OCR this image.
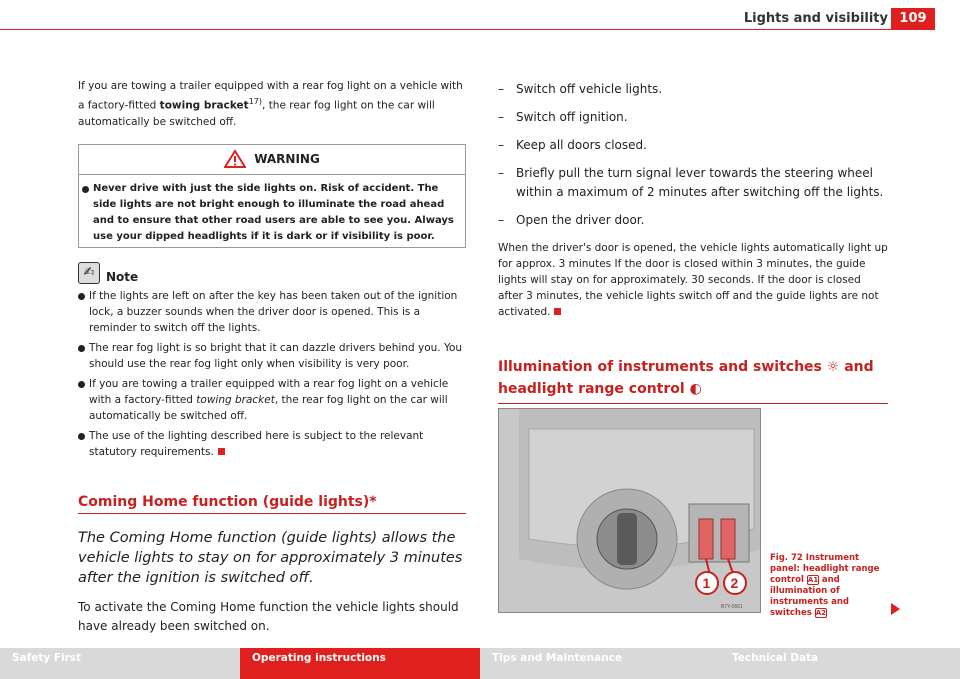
Lights and visibility 109

If you are towing a trailer equipped with a rear fog light on a vehicle with a factory-fitted towing bracket$^{17)}$, the rear fog light on the car will automatically be switched off.

WARNING
Never drive with just the side lights on. Risk of accident. The side lights are not bright enough to illuminate the road ahead and to ensure that other road users are able to see you. Always use your dipped headlights if it is dark or if visibility is poor.
✍ Note
If the lights are left on after the key has been taken out of the ignition lock, a buzzer sounds when the driver door is opened. This is a reminder to switch off the lights.
The rear fog light is so bright that it can dazzle drivers behind you. You should use the rear fog light only when visibility is very poor.
If you are towing a trailer equipped with a rear fog light on a vehicle with a factory-fitted towing bracket, the rear fog light on the car will automatically be switched off.
The use of the lighting described here is subject to the relevant statutory requirements.
Coming Home function (guide lights)*

The Coming Home function (guide lights) allows the vehicle lights to stay on for approximately 3 minutes after the ignition is switched off.

To activate the Coming Home function the vehicle lights should have already been switched on.

–	Switch off vehicle lights.
–	Switch off ignition.
–	Keep all doors closed.
–	Briefly pull the turn signal lever towards the steering wheel within a maximum of 2 minutes after switching off the lights.
–	Open the driver door.

When the driver's door is opened, the vehicle lights automatically light up for approx. 3 minutes If the door is closed within 3 minutes, the guide lights will stay on for approximately. 30 seconds. If the door is closed after 3 minutes, the vehicle lights switch off and the guide lights are not activated.

Illumination of instruments and switches ☼ and headlight range control ◐
1 2
B7Y-0661
Fig. 72 Instrument panel: headlight range control A1 and illumination of instruments and switches A2
Safety First	Operating instructions	Tips and Maintenance	Technical Data
